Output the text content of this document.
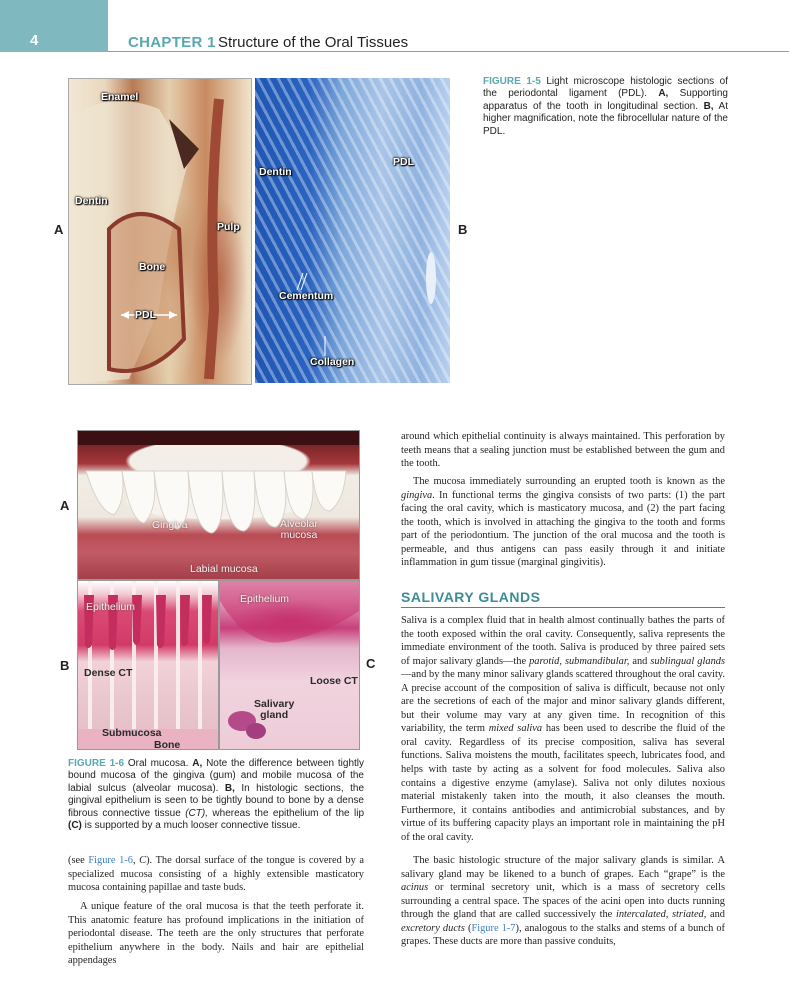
4	CHAPTER 1 Structure of the Oral Tissues
A
Enamel
Dentin
Pulp
Bone
PDL
Dentin
PDL
Cementum
Collagen
B
FIGURE 1-5 Light microscope histologic sections of the periodontal ligament (PDL). A, Supporting apparatus of the tooth in longitudinal section. B, At higher magnification, note the fibrocellular nature of the PDL.
A
Gingiva	Alveolar
mucosa
Labial mucosa
B
Epithelium
Dense CT
Submucosa
Bone
Epithelium
Loose CT
Salivary
gland
C
FIGURE 1-6 Oral mucosa. A, Note the difference between tightly bound mucosa of the gingiva (gum) and mobile mucosa of the labial sulcus (alveolar mucosa). B, In histologic sections, the gingival epithelium is seen to be tightly bound to bone by a dense fibrous connective tissue (CT), whereas the epithelium of the lip (C) is supported by a much looser connective tissue.
(see Figure 1-6, C). The dorsal surface of the tongue is covered by a specialized mucosa consisting of a highly extensible masticatory mucosa containing papillae and taste buds.
A unique feature of the oral mucosa is that the teeth perforate it. This anatomic feature has profound implications in the initiation of periodontal disease. The teeth are the only structures that perforate epithelium anywhere in the body. Nails and hair are epithelial appendages
around which epithelial continuity is always maintained. This perforation by teeth means that a sealing junction must be established between the gum and the tooth.
The mucosa immediately surrounding an erupted tooth is known as the gingiva. In functional terms the gingiva consists of two parts: (1) the part facing the oral cavity, which is masticatory mucosa, and (2) the part facing the tooth, which is involved in attaching the gingiva to the tooth and forms part of the periodontium. The junction of the oral mucosa and the tooth is permeable, and thus antigens can pass easily through it and initiate inflammation in gum tissue (marginal gingivitis).
SALIVARY GLANDS
Saliva is a complex fluid that in health almost continually bathes the parts of the tooth exposed within the oral cavity. Consequently, saliva represents the immediate environment of the tooth. Saliva is produced by three paired sets of major salivary glands—the parotid, submandibular, and sublingual glands—and by the many minor salivary glands scattered throughout the oral cavity. A precise account of the composition of saliva is difficult, because not only are the secretions of each of the major and minor salivary glands different, but their volume may vary at any given time. In recognition of this variability, the term mixed saliva has been used to describe the fluid of the oral cavity. Regardless of its precise composition, saliva has several functions. Saliva moistens the mouth, facilitates speech, lubricates food, and helps with taste by acting as a solvent for food molecules. Saliva also contains a digestive enzyme (amylase). Saliva not only dilutes noxious material mistakenly taken into the mouth, it also cleanses the mouth. Furthermore, it contains antibodies and antimicrobial substances, and by virtue of its buffering capacity plays an important role in maintaining the pH of the oral cavity.
The basic histologic structure of the major salivary glands is similar. A salivary gland may be likened to a bunch of grapes. Each “grape” is the acinus or terminal secretory unit, which is a mass of secretory cells surrounding a central space. The spaces of the acini open into ducts running through the gland that are called successively the intercalated, striated, and excretory ducts (Figure 1-7), analogous to the stalks and stems of a bunch of grapes. These ducts are more than passive conduits,
